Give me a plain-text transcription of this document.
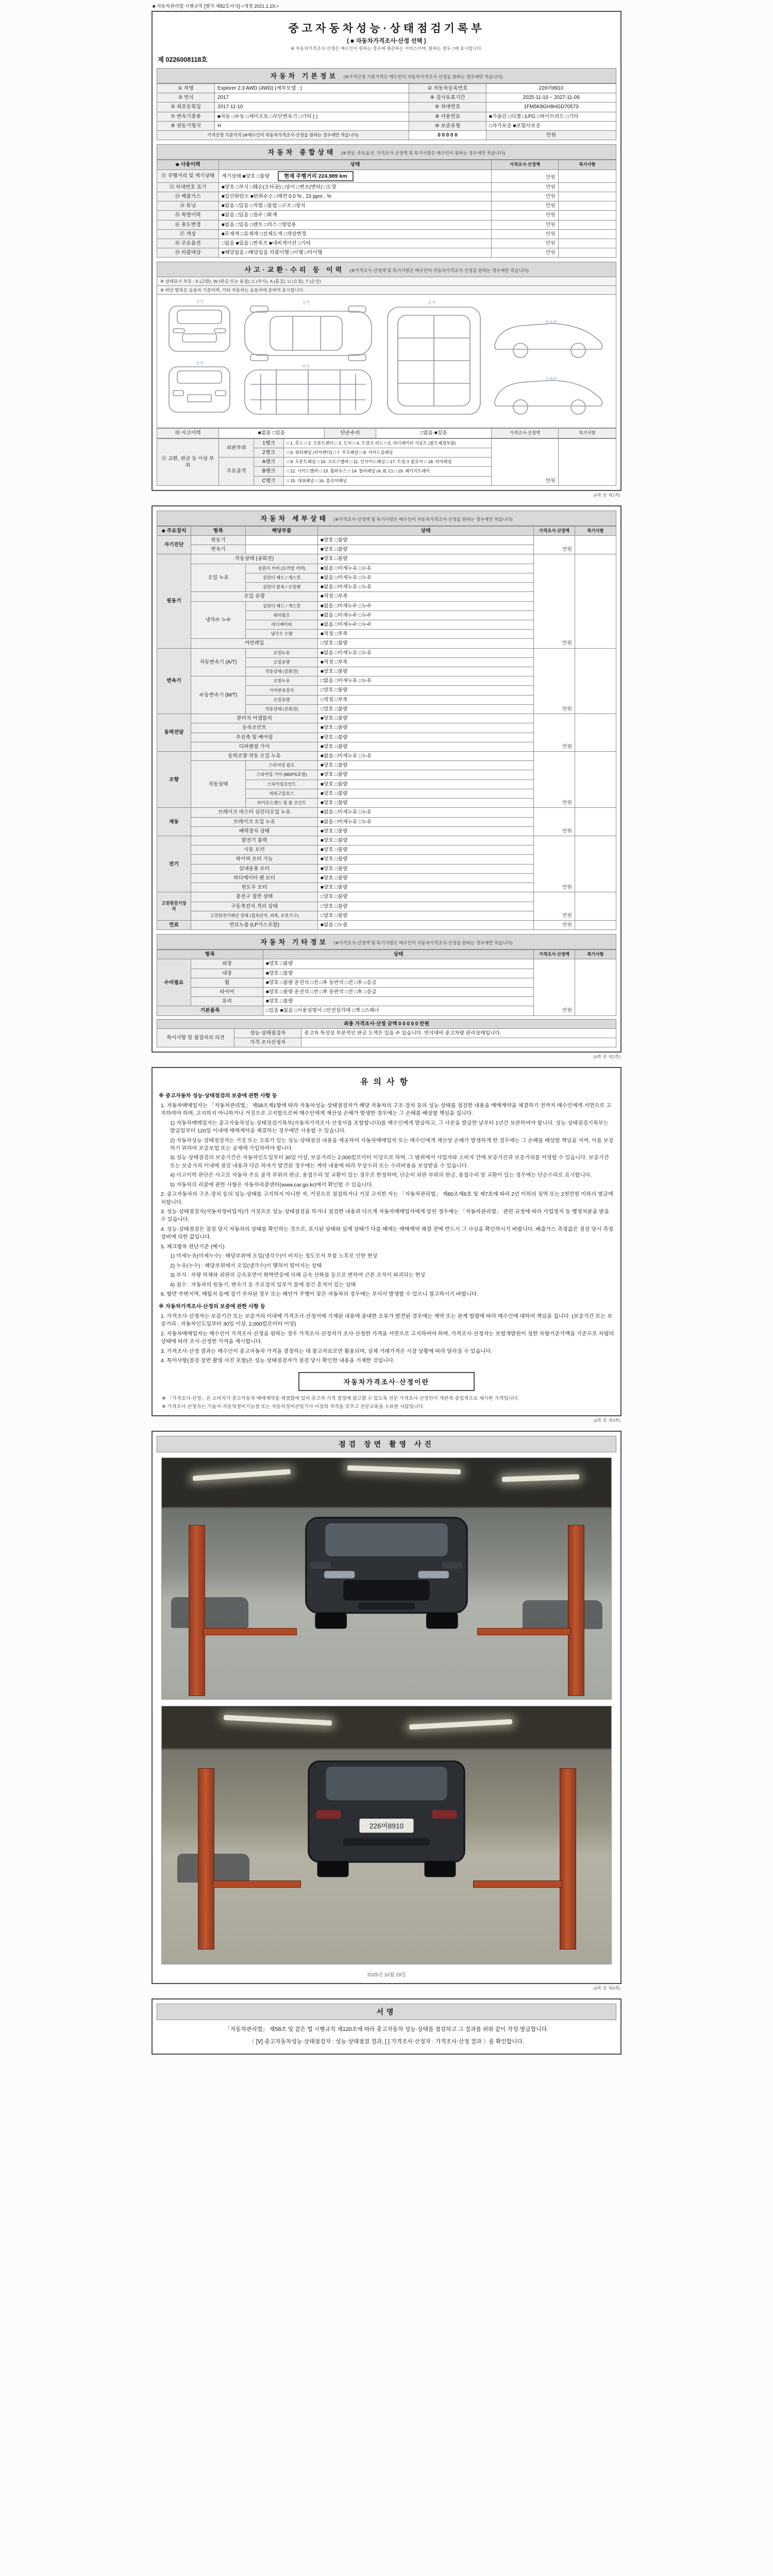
■ 자동차관리법 시행규칙 [별지 제82호서식] <개정 2021.1.19.>
중고자동차성능·상태점검기록부
( ■ 자동차가격조사·산정 선택 )
※ 자동차가격조사·산정은 매수인이 원하는 경우에 제공하는 서비스이며, 원하는 경우 □에 표시합니다.
제 0226008118호
자동차 기본정보 (※가격산정 기준가격은 매수인이 자동차가격조사·산정을 원하는 경우에만 적습니다)
① 차명	Explorer 2.3 AWD (4WD) (세부모델 : )	② 자동차등록번호	226머8910
③ 연식	2017	④ 검사유효기간	2025-11-10 ~ 2027-11-09
⑤ 최초등록일	2017-11-10	⑥ 차대번호	1FM5K8GH8HGD70573
⑦ 변속기종류	■자동 □수동 □세미오토 □무단변속기 □기타 ( )	⑧ 사용연료	■가솔린 □디젤 □LPG □하이브리드 □기타
⑨ 원동기형식	H	⑩ 보증유형	□자가보증 ■보험사보증
가격산정 기준가격 (※매수인이 자동차가격조사·산정을 원하는 경우에만 적습니다)		0 0 0 0 0	만원
자동차 종합상태 (※색상, 주요옵션, 가격조사·산정액 및 특기사항은 매수인이 원하는 경우에만 적습니다)
◆ 사용이력	상태	가격조사·산정액	특기사항
⑪ 주행거리 및 계기상태	계기상태 ■양호 □불량 현재 주행거리 224,989 km	만원	
⑫ 차대번호 표기	■양호 □부식 □훼손(오타공) □상이 □변조(변타) □도말	만원	
⑬ 배출가스	■일산화탄소 ■탄화수소 □매연 0.0 % , 23 ppm , %	만원	
⑭ 튜닝	■없음 □있음 □적법 □불법 □구조 □장치	만원	
⑮ 특별이력	■없음 □있음 □침수 □화재	만원	
⑯ 용도변경	■없음 □있음 □렌트 □리스 □영업용	만원	
⑰ 색상	■무채색 □유채색 □전체도색 □색상변경	만원	
⑱ 주요옵션	□없음 ■있음 □썬루프 ■네비게이션 □기타	만원	
⑲ 리콜대상	■해당없음 □해당있음 리콜이행 □이행 □미이행	만원	
사고·교환·수리 등 이력 (※가격조사·산정액 및 특기사항은 매수인이 자동차가격조사·산정을 원하는 경우에만 적습니다)
※ 상태표시 부호 : X (교환), W (판금 또는 용접), C (부식), A (흠집), U (요철), T (손상)
※ 하단 항목은 승용차 기준이며, 기타 자동차는 승용차에 준하여 표시합니다.
전면
후면
상면
하면
골격
좌측면
우측면
⑳ 사고이력	■없음 □있음	단순수리	□없음 ■있음	가격조사·산정액	특기사항
㉑ 교환, 판금 등 이상 부위	외판부위	1랭크	□ 1. 후드 □ 2. 프론트펜더 □ 3. 도어 □ 4. 트렁크 리드 □ 5. 라디에이터 서포트 (볼트체결부품)	만원	
		2랭크	□ 6. 쿼터패널 (리어펜더) □ 7. 루프패널 □ 8. 사이드실패널		
	주요골격	A랭크	□ 9. 프론트패널 □ 10. 크로스멤버 □ 11. 인사이드패널 □ 17. 트렁크 플로어 □ 18. 리어패널		
		B랭크	□ 12. 사이드멤버 □ 13. 휠하우스 □ 14. 필러패널 (A, B, C) □ 19. 패키지트레이		
		C랭크	□ 15. 대쉬패널 □ 16. 플로어패널		
(4쪽 중 제1쪽)
자동차 세부상태 (※가격조사·산정액 및 특기사항은 매수인이 자동차가격조사·산정을 원하는 경우에만 적습니다)
◆ 주요장치	항목	해당부품	상태	가격조사·산정액	특기사항
자기진단	원동기		■양호 □불량	만원	
	변속기		■양호 □불량		
원동기	작동상태 (공회전)		■양호 □불량	만원	
	오일 누유	실린더 커버 (로커암 커버)	■없음 □미세누유 □누유		
		실린더 헤드 / 개스킷	■없음 □미세누유 □누유		
		실린더 블록 / 오일팬	■없음 □미세누유 □누유		
	오일 유량		■적정 □부족		
	냉각수 누수	실린더 헤드 / 개스킷	■없음 □미세누수 □누수		
		워터펌프	■없음 □미세누수 □누수		
		라디에이터	■없음 □미세누수 □누수		
		냉각수 수량	■적정 □부족		
	커먼레일		□양호 □불량		
변속기	자동변속기 (A/T)	오일누유	■없음 □미세누유 □누유	만원	
		오일유량	■적정 □부족		
		작동상태 (공회전)	■양호 □불량		
	수동변속기 (M/T)	오일누유	□없음 □미세누유 □누유		
		기어변속장치	□양호 □불량		
		오일유량	□적정 □부족		
		작동상태 (공회전)	□양호 □불량		
동력전달	클러치 어셈블리		■양호 □불량	만원	
	등속조인트		■양호 □불량		
	추진축 및 베어링		■양호 □불량		
	디퍼렌셜 기어		■양호 □불량		
조향	동력조향 작동 오일 누유		■없음 □미세누유 □누유	만원	
	작동상태	스티어링 펌프	■양호 □불량		
		스티어링 기어 (MDPS포함)	■양호 □불량		
		스티어링조인트	■양호 □불량		
		파워고압호스	■양호 □불량		
		타이로드엔드 및 볼 조인트	■양호 □불량		
제동	브레이크 마스터 실린더오일 누유		■없음 □미세누유 □누유	만원	
	브레이크 오일 누유		■없음 □미세누유 □누유		
	배력장치 상태		■양호 □불량		
전기	발전기 출력		■양호 □불량	만원	
	시동 모터		■양호 □불량		
	와이퍼 모터 기능		■양호 □불량		
	실내송풍 모터		■양호 □불량		
	라디에이터 팬 모터		■양호 □불량		
	윈도우 모터		■양호 □불량		
고전원전기장치	충전구 절연 상태		□양호 □불량	만원	
	구동축전지 격리 상태		□양호 □불량		
	고전원전기배선 상태 (접속단자, 피복, 보호기구)		□양호 □불량		
연료	연료누출 (LP가스포함)		■없음 □누출	만원	
자동차 기타정보 (※가격조사·산정액 및 특기사항은 매수인이 자동차가격조사·산정을 원하는 경우에만 적습니다)
항목		상태	가격조사·산정액	특기사항
수리필요	외장	■양호 □불량	만원	
	내장	■양호 □불량		
	휠	■양호 □불량 운전석 □전 □후 동반석 □전 □후 □응급		
	타이어	■양호 □불량 운전석 □전 □후 동반석 □전 □후 □응급		
	유리	■양호 □불량		
기본품목		□있음 ■없음 □사용설명서 □안전삼각대 □잭 □스패너		
최종 가격조사·산정 금액 0 0 0 0 0 만원		
특이사항 및 점검자의 의견	성능·상태점검자	중고차 특성상 부분적인 판금 도색은 있을 수 있습니다. 연식대비 중고차량 관리상태입니다.
	가격·조사산정자	
(4쪽 중 제2쪽)
유의사항
※ 중고자동차 성능·상태점검의 보증에 관한 사항 등
1. 자동차매매업자는 「자동차관리법」 제58조제1항에 따라 자동차성능·상태점검자가 해당 자동차의 구조·장치 등의 성능·상태를 점검한 내용을 매매계약을 체결하기 전까지 매수인에게 서면으로 고지하여야 하며, 고지하지 아니하거나 거짓으로 고지함으로써 매수인에게 재산상 손해가 발생한 경우에는 그 손해를 배상할 책임을 집니다.
1) 자동차매매업자는 중고자동차성능·상태점검기록부(자동차가격조사·산정서를 포함합니다)를 매수인에게 발급하고, 그 사본을 발급한 날부터 1년간 보관하여야 합니다. 성능·상태점검기록부는 발급일부터 120일 이내에 매매계약을 체결하는 경우에만 사용할 수 있습니다.
2) 자동차성능·상태점검자는 거짓 또는 오류가 있는 성능·상태점검 내용을 제공하여 자동차매매업자 또는 매수인에게 재산상 손해가 발생하게 한 경우에는 그 손해를 배상할 책임을 지며, 이를 보장하기 위하여 보증보험 또는 공제에 가입하여야 합니다.
3) 성능·상태점검의 보증기간은 자동차인도일부터 30일 이상, 보증거리는 2,000킬로미터 이상으로 하며, 그 범위에서 사업자와 소비자 간에 보증기간과 보증거리를 약정할 수 있습니다. 보증기간 또는 보증거리 이내에 점검 내용과 다른 하자가 발견된 경우에는 계약 내용에 따라 무상수리 또는 수리비용을 보상받을 수 있습니다.
4) 사고이력 판단은 사고로 자동차 주요 골격 부위의 판금, 용접수리 및 교환이 있는 경우로 한정하며, 단순히 외판 부위의 판금, 용접수리 및 교환이 있는 경우에는 단순수리로 표시합니다.
5) 자동차의 리콜에 관한 사항은 자동차리콜센터(www.car.go.kr)에서 확인할 수 있습니다.
2. 중고자동차의 구조·장치 등의 성능·상태를 고지하지 아니한 자, 거짓으로 점검하거나 거짓 고지한 자는 「자동차관리법」 제80조제6호 및 제7호에 따라 2년 이하의 징역 또는 2천만원 이하의 벌금에 처합니다.
3. 성능·상태점검자(자동차정비업자)가 거짓으로 성능·상태점검을 하거나 점검한 내용과 다르게 자동차매매업자에게 알린 경우에는 「자동차관리법」 관련 규정에 따라 사업정지 등 행정처분을 받을 수 있습니다.
4. 성능·상태점검은 점검 당시 자동차의 상태를 확인하는 것으로, 표시된 상태와 실제 상태가 다를 때에는 매매계약 체결 전에 반드시 그 사실을 확인하시기 바랍니다. 배출가스 측정값은 점검 당시 측정 장비에 의한 값입니다.
5. 체크항목 판단기준 (예시)
1) 미세누유(미세누수) : 해당부위에 오일(냉각수)이 비치는 정도로서 부품 노후로 인한 현상
2) 누유(누수) : 해당부위에서 오일(냉각수)이 맺혀서 떨어지는 상태
3) 부식 : 차량 하체와 외판의 금속표면이 화학반응에 의해 금속 산화물 등으로 변하여 근본 조직이 파괴되는 현상
4) 침수 : 자동차의 원동기, 변속기 등 주요장치 일부가 물에 잠긴 흔적이 있는 상태
6. 항만 주변지역, 매립지 등에 장기 주차된 경우 또는 해안가 주행이 잦은 자동차의 경우에는 부식이 발생할 수 있으니 참고하시기 바랍니다.
※ 자동차가격조사·산정의 보증에 관한 사항 등
1. 가격조사·산정자는 보증기간 또는 보증거리 이내에 가격조사·산정서에 기재된 내용에 중대한 오류가 발견된 경우에는 계약 또는 관계 법령에 따라 매수인에 대하여 책임을 집니다. (보증기간 또는 보증거리 : 자동차인도일부터 30일 이상, 2,000킬로미터 이상)
2. 자동차매매업자는 매수인이 가격조사·산정을 원하는 경우 가격조사·산정자가 조사·산정한 가격을 서면으로 고지하여야 하며, 가격조사·산정자는 보험개발원이 정한 차량기준가액을 기준으로 차량의 상태에 따라 조사·산정한 가격을 제시합니다.
3. 가격조사·산정 결과는 매수인이 중고자동차 가격을 결정하는 데 참고자료로만 활용되며, 실제 거래가격은 시장 상황에 따라 달라질 수 있습니다.
4. 특이사항(점검 장면 촬영 사진 포함)은 성능·상태점검자가 점검 당시 확인한 내용을 기재한 것입니다.
자동차가격조사·산정이란
※ 「가격조사·산정」은 소비자가 중고자동차 매매계약을 체결함에 있어 중고차 가격 결정에 참고할 수 있도록 전문 가격조사·산정인이 객관적·중립적으로 제시한 가격입니다.
※ 가격조사·산정자는 기술사·자동차정비기능장 또는 자동차정비산업기사 이상의 자격을 갖추고 전문교육을 수료한 사람입니다.
(4쪽 중 제3쪽)
점검 장면 촬영 사진
226머8910
2025년 10월 29일
(4쪽 중 제4쪽)
서명
「자동차관리법」 제58조 및 같은 법 시행규칙 제120조에 따라 중고자동차 성능·상태를 점검하고 그 결과를 위와 같이 작성·발급합니다.
〈 [Ⅴ] 중고자동차성능·상태점검자 : 성능·상태점검 결과, [ ] 가격조사·산정자 : 가격조사·산정 결과 〉를 확인합니다.
